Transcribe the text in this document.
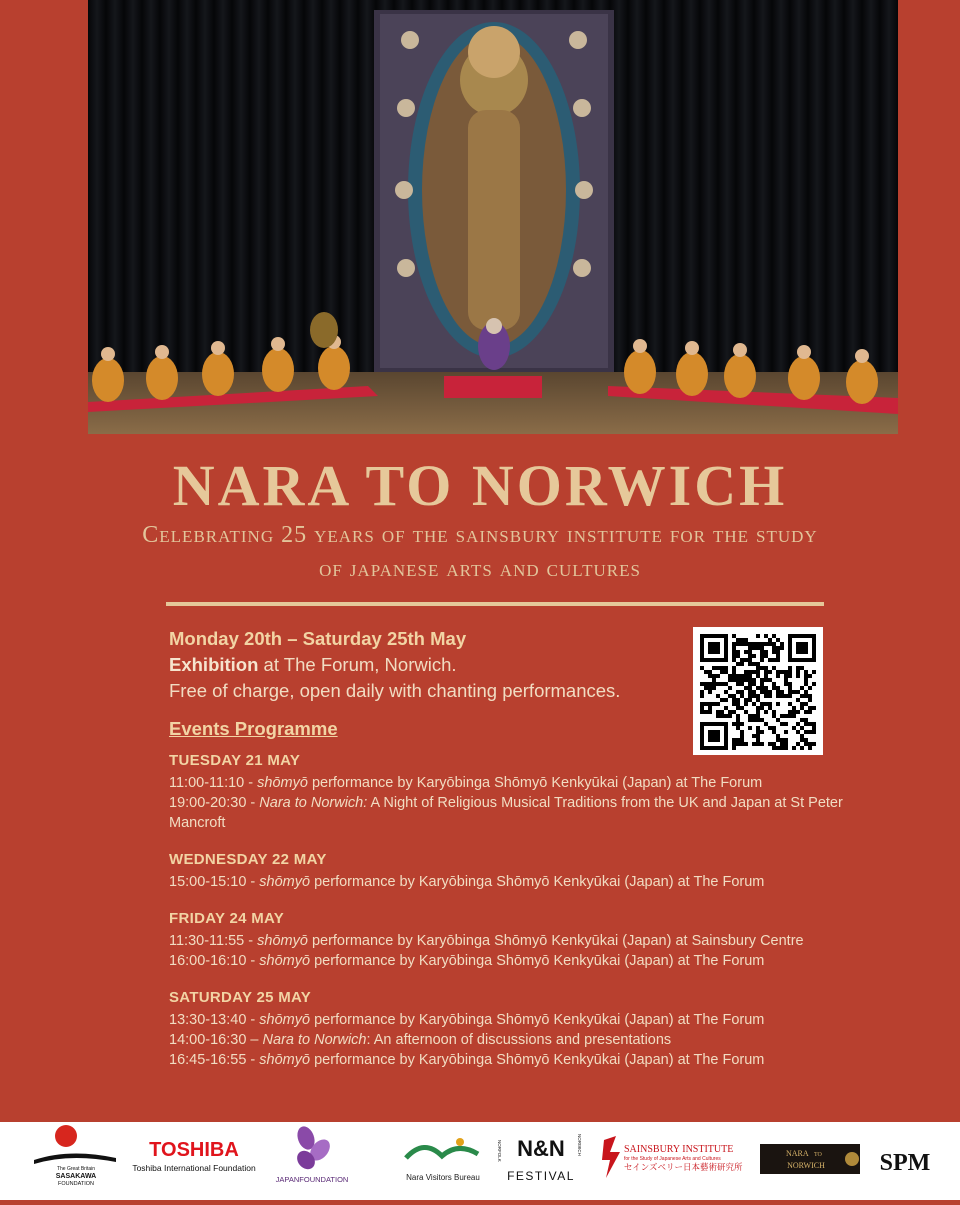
NARA TO NORWICH
Celebrating 25 years of the sainsbury institute for the study of japanese arts and cultures
Monday 20th – Saturday 25th May
Exhibition at The Forum, Norwich.
Free of charge, open daily with chanting performances.
Events Programme
TUESDAY 21 MAY
11:00-11:10 - shōmyō performance by Karyōbinga Shōmyō Kenkyūkai (Japan) at The Forum
19:00-20:30 - Nara to Norwich: A Night of Religious Musical Traditions from the UK and Japan at St Peter Mancroft
WEDNESDAY 22 MAY
15:00-15:10 - shōmyō performance by Karyōbinga Shōmyō Kenkyūkai (Japan) at The Forum
FRIDAY 24 MAY
11:30-11:55 - shōmyō performance by Karyōbinga Shōmyō Kenkyūkai (Japan) at Sainsbury Centre
16:00-16:10 - shōmyō performance by Karyōbinga Shōmyō Kenkyūkai (Japan) at The Forum
SATURDAY 25 MAY
13:30-13:40 - shōmyō performance by Karyōbinga Shōmyō Kenkyūkai (Japan) at The Forum
14:00-16:30 – Nara to Norwich: An afternoon of discussions and presentations
16:45-16:55 - shōmyō performance by Karyōbinga Shōmyō Kenkyūkai (Japan) at The Forum
The Great Britain
SASAKAWA
FOUNDATION
TOSHIBA
Toshiba International Foundation
JAPANFOUNDATION	Nara Visitors Bureau
N&N
FESTIVAL
NORFOLK	NORWICH	SAINSBURY INSTITUTE
for the Study of Japanese Arts and Cultures
セインズベリー日本藝術研究所
NARA TO
NORWICH SPM
